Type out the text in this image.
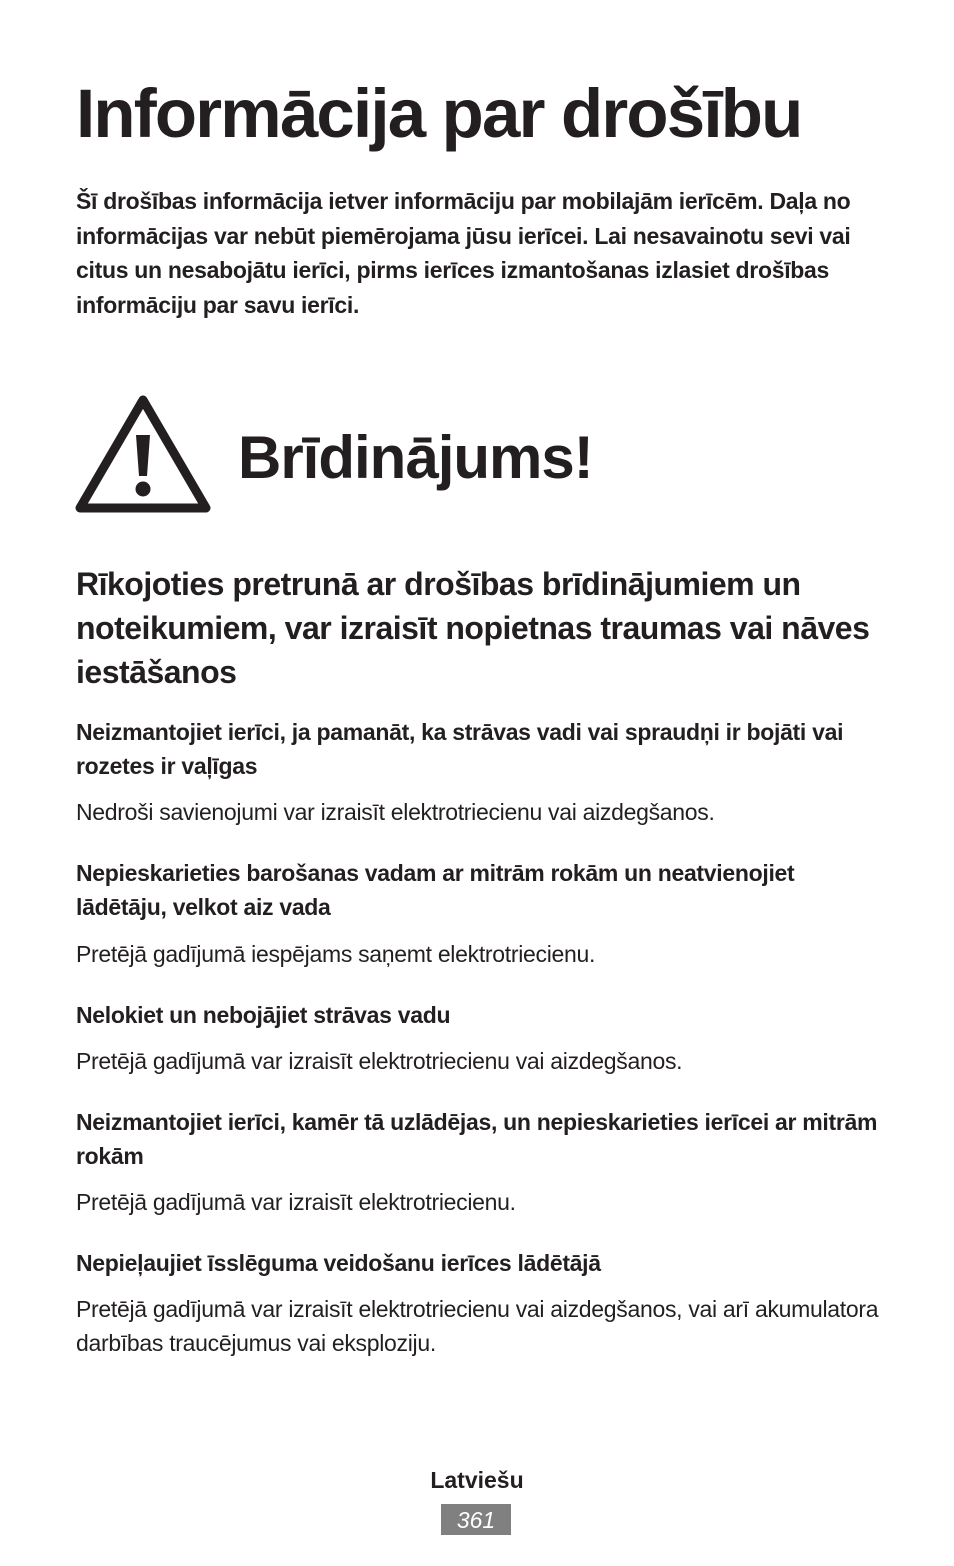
Informācija par drošību

Šī drošības informācija ietver informāciju par mobilajām ierīcēm. Daļa no informācijas var nebūt piemērojama jūsu ierīcei. Lai nesavainotu sevi vai citus un nesabojātu ierīci, pirms ierīces izmantošanas izlasiet drošības informāciju par savu ierīci.

Brīdinājums!

Rīkojoties pretrunā ar drošības brīdinājumiem un noteikumiem, var izraisīt nopietnas traumas vai nāves iestāšanos

Neizmantojiet ierīci, ja pamanāt, ka strāvas vadi vai spraudņi ir bojāti vai rozetes ir vaļīgas

Nedroši savienojumi var izraisīt elektrotriecienu vai aizdegšanos.

Nepieskarieties barošanas vadam ar mitrām rokām un neatvienojiet lādētāju, velkot aiz vada

Pretējā gadījumā iespējams saņemt elektrotriecienu.

Nelokiet un nebojājiet strāvas vadu

Pretējā gadījumā var izraisīt elektrotriecienu vai aizdegšanos.

Neizmantojiet ierīci, kamēr tā uzlādējas, un nepieskarieties ierīcei ar mitrām rokām

Pretējā gadījumā var izraisīt elektrotriecienu.

Nepieļaujiet īsslēguma veidošanu ierīces lādētājā

Pretējā gadījumā var izraisīt elektrotriecienu vai aizdegšanos, vai arī akumulatora darbības traucējumus vai eksploziju.

Latviešu
361
